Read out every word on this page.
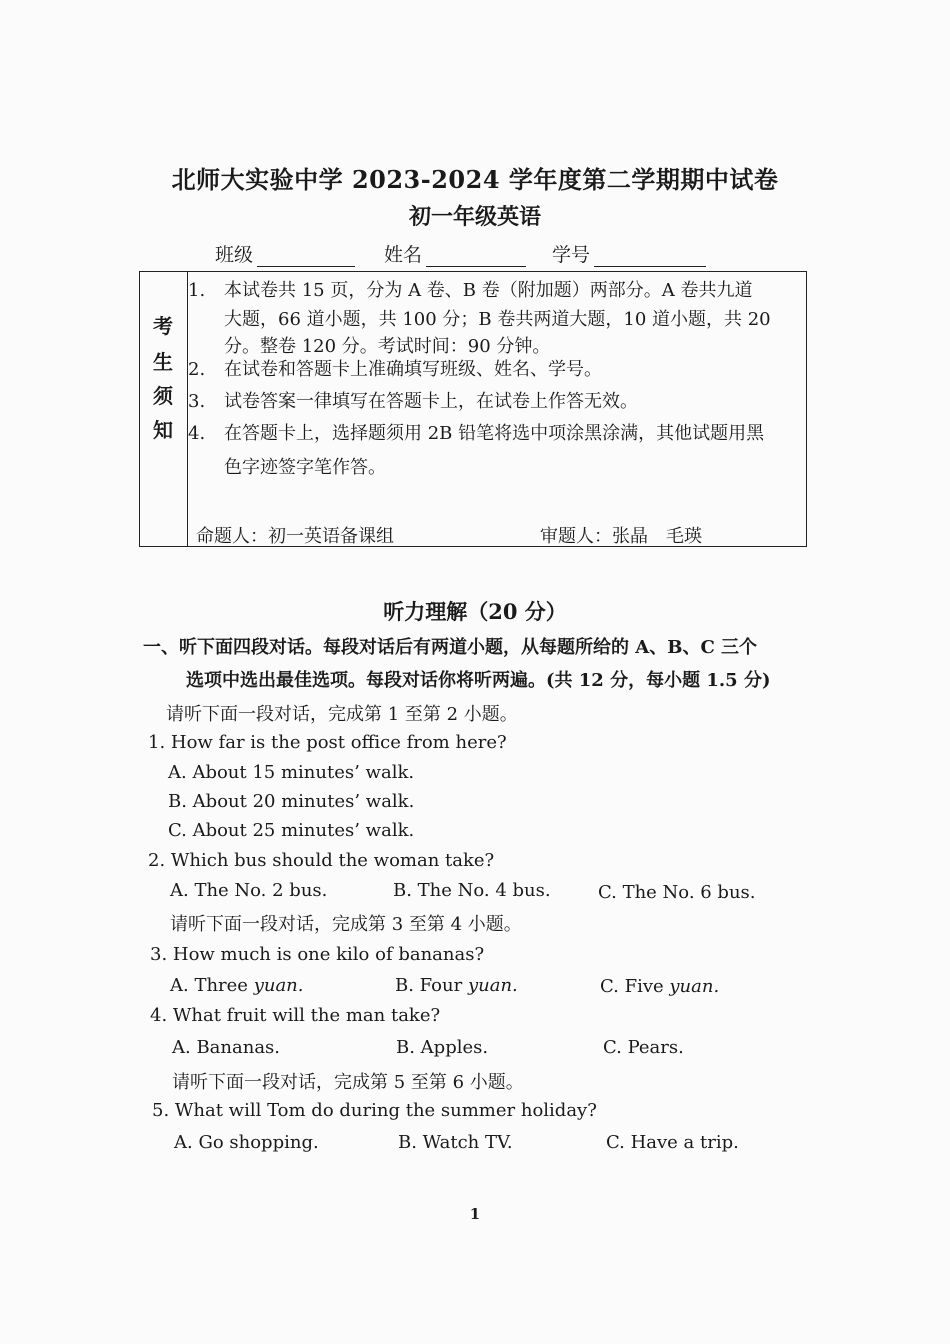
北师大实验中学 2023-2024 学年度第二学期期中试卷
初一年级英语
班级	姓名	学号
考
生
须
知
1. 本试卷共 15 页，分为 A 卷、B 卷（附加题）两部分。A 卷共九道
大题，66 道小题，共 100 分；B 卷共两道大题，10 道小题，共 20
分。整卷 120 分。考试时间：90 分钟。
2. 在试卷和答题卡上准确填写班级、姓名、学号。
3. 试卷答案一律填写在答题卡上，在试卷上作答无效。
4. 在答题卡上，选择题须用 2B 铅笔将选中项涂黑涂满，其他试题用黑
色字迹签字笔作答。
命题人：初一英语备课组	审题人：张晶　毛瑛
听力理解（20 分）
一、听下面四段对话。每段对话后有两道小题，从每题所给的 A、B、C 三个
选项中选出最佳选项。每段对话你将听两遍。(共 12 分，每小题 1.5 分)
请听下面一段对话，完成第 1 至第 2 小题。
1. How far is the post office from here?
A. About 15 minutes’ walk.
B. About 20 minutes’ walk.
C. About 25 minutes’ walk.
2. Which bus should the woman take?
A. The No. 2 bus.	B. The No. 4 bus.	C. The No. 6 bus.
请听下面一段对话，完成第 3 至第 4 小题。
3. How much is one kilo of bananas?
A. Three yuan.	B. Four yuan.	C. Five yuan.
4. What fruit will the man take?
A. Bananas.	B. Apples.	C. Pears.
请听下面一段对话，完成第 5 至第 6 小题。
5. What will Tom do during the summer holiday?
A. Go shopping.	B. Watch TV.	C. Have a trip.
1
